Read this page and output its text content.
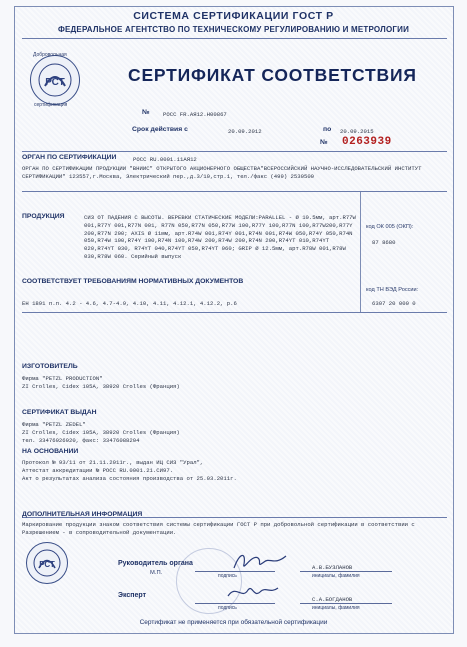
СИСТЕМА СЕРТИФИКАЦИИ ГОСТ Р
ФЕДЕРАЛЬНОЕ АГЕНТСТВО ПО ТЕХНИЧЕСКОМУ РЕГУЛИРОВАНИЮ И МЕТРОЛОГИИ
РСТ
Добровольная
сертификация
СЕРТИФИКАТ СООТВЕТСТВИЯ
№ РОСС FR.АЯ12.Н00867
Срок действия с	20.09.2012	по 20.09.2015
№ 0263939
ОРГАН ПО СЕРТИФИКАЦИИ	РОСС RU.0001.11АЯ12
ОРГАН ПО СЕРТИФИКАЦИИ ПРОДУКЦИИ "ВНИИС" ОТКРЫТОГО АКЦИОНЕРНОГО ОБЩЕСТВА"ВСЕРОССИЙСКИЙ НАУЧНО-ИССЛЕДОВАТЕЛЬСКИЙ ИНСТИТУТ СЕРТИФИКАЦИИ" 123557,г.Москва, Электрический пер.,д.3/10,стр.1, тел./факс (499) 2530500
ПРОДУКЦИЯ	СИЗ ОТ ПАДЕНИЯ С ВЫСОТЫ. ВЕРЕВКИ СТАТИЧЕСКИЕ МОДЕЛИ:PARALLEL - Ø 10.5мм, арт.R77W 001,R77Y 001,R77N 001, R77N 050,R77N 050,R77W 100,R77Y 100,R77N 100,R77W200,R77Y 200,R77N 200; AXIS Ø 11мм, арт.R74W 001,R74Y 001,R74N 001,R74W 050,R74Y 050,R74N 050,R74W 100,R74Y 100,R74N 100,R74W 200,R74W 200,R74N 200,R74YT 010,R74YT 020,R74YT 030, R74YT 040,R74YT 050,R74YT 060; GRIP Ø 12.5мм, арт.R78W 001,R78W 030,R78W 060. Серийный выпуск
код ОК 005 (ОКП):
87 8680
код ТН ВЭД России:
6307 20 000 0
СООТВЕТСТВУЕТ ТРЕБОВАНИЯМ НОРМАТИВНЫХ ДОКУМЕНТОВ
ЕН 1891 п.п. 4.2 - 4.6, 4.7-4.9, 4.10, 4.11, 4.12.1, 4.12.2, р.6
ИЗГОТОВИТЕЛЬ
Фирма "PETZL PRODUCTION"
ZI Crolles, Cidex 105A, 38920 Crolles (Франция)
СЕРТИФИКАТ ВЫДАН
Фирма "PETZL ZEDEL"
ZI Crolles, Cidex 105A, 38920 Crolles (Франция)
тел. 33476926920, факс: 33476088204
НА ОСНОВАНИИ
Протокол № 93/11 от 21.11.2011г., выдан ИЦ СИЗ "Урал",
Аттестат аккредитации № РОСС RU.0001.21.СИ97.
Акт о результатах анализа состояния производства от 25.03.2011г.
ДОПОЛНИТЕЛЬНАЯ ИНФОРМАЦИЯ
Маркирование продукции знаком соответствия системы сертификации ГОСТ Р при добровольной сертификации в соответствии с Разрешением - в сопроводительной документации.
РСТ
М.П.
Руководитель органа
подпись
А.В.БУЗЛАНОВ
инициалы, фамилия
Эксперт
подпись
С.А.БОГДАНОВ
инициалы, фамилия
Сертификат не применяется при обязательной сертификации
